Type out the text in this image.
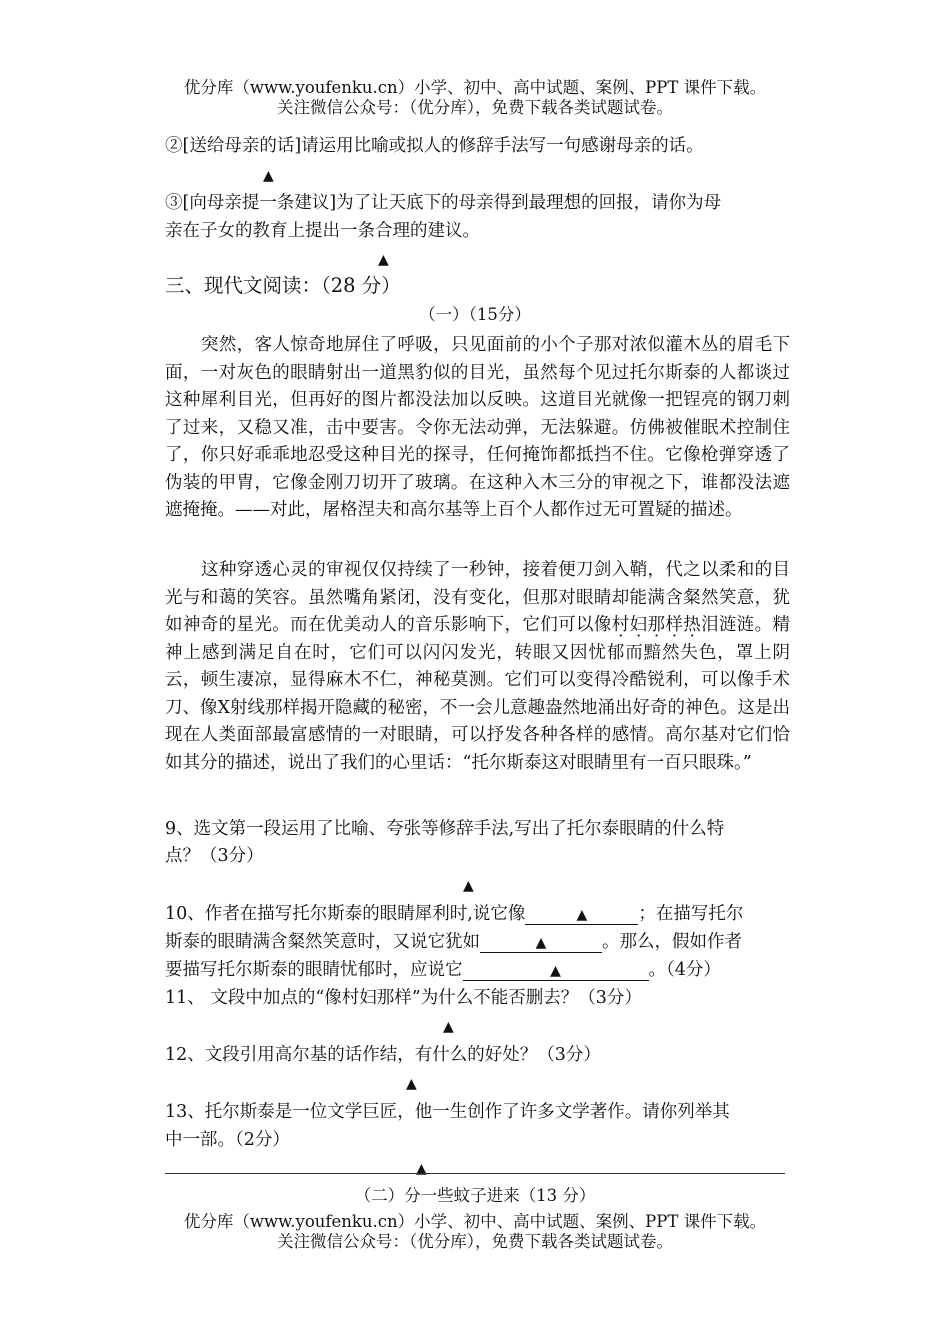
优分库（www.youfenku.cn）小学、初中、高中试题、案例、PPT 课件下载。
关注微信公众号：（优分库），免费下载各类试题试卷。
②[送给母亲的话]请运用比喻或拟人的修辞手法写一句感谢母亲的话。
▲
③[向母亲提一条建议]为了让天底下的母亲得到最理想的回报，请你为母
亲在子女的教育上提出一条合理的建议。
▲
三、现代文阅读：（28 分）
（一）（15分）
突然，客人惊奇地屏住了呼吸，只见面前的小个子那对浓似灌木丛的眉毛下面，一对灰色的眼睛射出一道黑豹似的目光，虽然每个见过托尔斯泰的人都谈过这种犀利目光，但再好的图片都没法加以反映。这道目光就像一把锃亮的钢刀刺了过来，又稳又准，击中要害。令你无法动弹，无法躲避。仿佛被催眠术控制住了，你只好乖乖地忍受这种目光的探寻，任何掩饰都抵挡不住。它像枪弹穿透了伪装的甲胄，它像金刚刀切开了玻璃。在这种入木三分的审视之下，谁都没法遮遮掩掩。——对此，屠格涅夫和高尔基等上百个人都作过无可置疑的描述。
这种穿透心灵的审视仅仅持续了一秒钟，接着便刀剑入鞘，代之以柔和的目光与和蔼的笑容。虽然嘴角紧闭，没有变化，但那对眼睛却能满含粲然笑意，犹如神奇的星光。而在优美动人的音乐影响下，它们可以像村妇那样热泪涟涟。精神上感到满足自在时，它们可以闪闪发光，转眼又因忧郁而黯然失色，罩上阴云，顿生凄凉，显得麻木不仁，神秘莫测。它们可以变得冷酷锐利，可以像手术刀、像X射线那样揭开隐藏的秘密，不一会儿意趣盎然地涌出好奇的神色。这是出现在人类面部最富感情的一对眼睛，可以抒发各种各样的感情。高尔基对它们恰如其分的描述，说出了我们的心里话：“托尔斯泰这对眼睛里有一百只眼珠。”
9、选文第一段运用了比喻、夸张等修辞手法,写出了托尔泰眼睛的什么特
点？（3分）
▲
10、作者在描写托尔斯泰的眼睛犀利时,说它像	▲	；在描写托尔
斯泰的眼睛满含粲然笑意时，又说它犹如	▲	。那么，假如作者
要描写托尔斯泰的眼睛忧郁时，应说它	▲	。（4分）
11、 文段中加点的“像村妇那样”为什么不能否删去？（3分）
▲
12、文段引用高尔基的话作结，有什么的好处？（3分）
▲
13、托尔斯泰是一位文学巨匠，他一生创作了许多文学著作。请你列举其
中一部。（2分）
▲
（二）分一些蚊子进来（13 分）
优分库（www.youfenku.cn）小学、初中、高中试题、案例、PPT 课件下载。
关注微信公众号：（优分库），免费下载各类试题试卷。
